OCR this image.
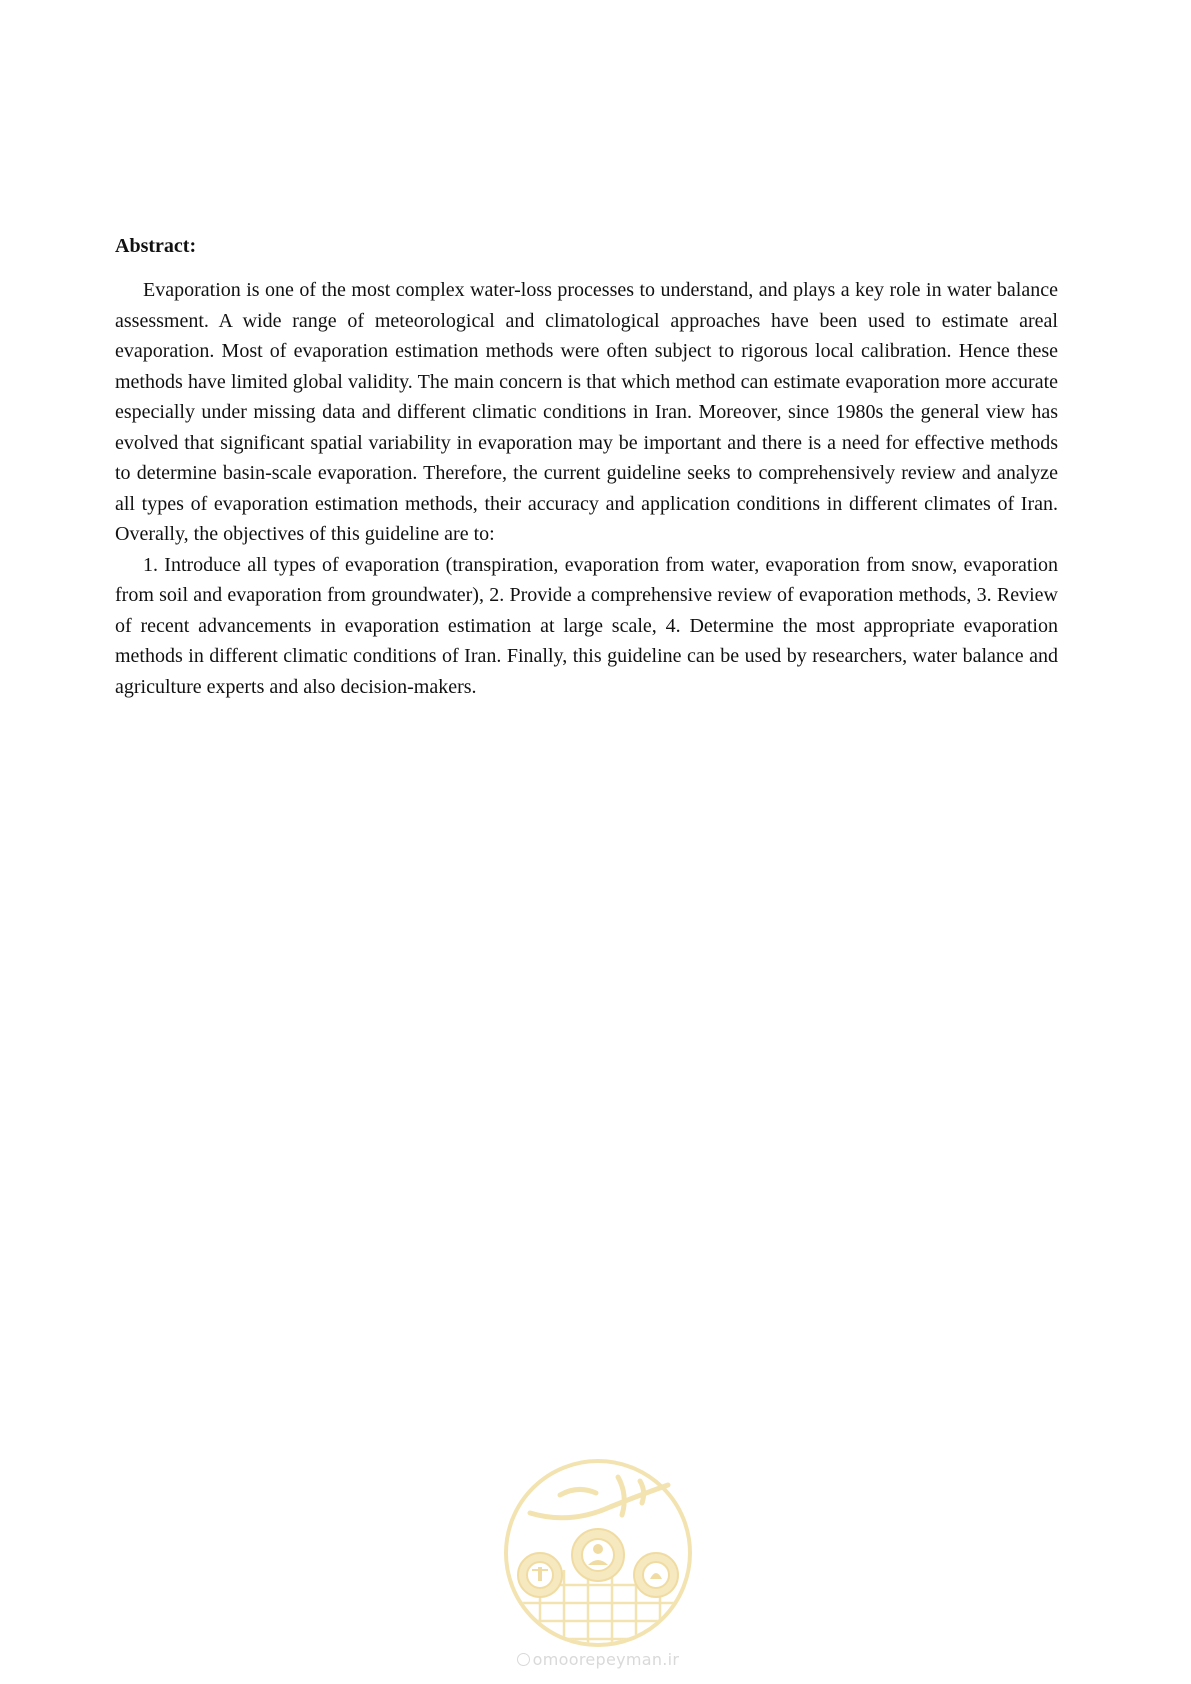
Abstract:

Evaporation is one of the most complex water-loss processes to understand, and plays a key role in water balance assessment. A wide range of meteorological and climatological approaches have been used to estimate areal evaporation. Most of evaporation estimation methods were often subject to rigorous local calibration. Hence these methods have limited global validity. The main concern is that which method can estimate evaporation more accurate especially under missing data and different climatic conditions in Iran. Moreover, since 1980s the general view has evolved that significant spatial variability in evaporation may be important and there is a need for effective methods to determine basin-scale evaporation. Therefore, the current guideline seeks to comprehensively review and analyze all types of evaporation estimation methods, their accuracy and application conditions in different climates of Iran. Overally, the objectives of this guideline are to:

1. Introduce all types of evaporation (transpiration, evaporation from water, evaporation from snow, evaporation from soil and evaporation from groundwater), 2. Provide a comprehensive review of evaporation methods, 3. Review of recent advancements in evaporation estimation at large scale, 4. Determine the most appropriate evaporation methods in different climatic conditions of Iran. Finally, this guideline can be used by researchers, water balance and agriculture experts and also decision-makers.

امور پیمان
omoorepeyman.ir
